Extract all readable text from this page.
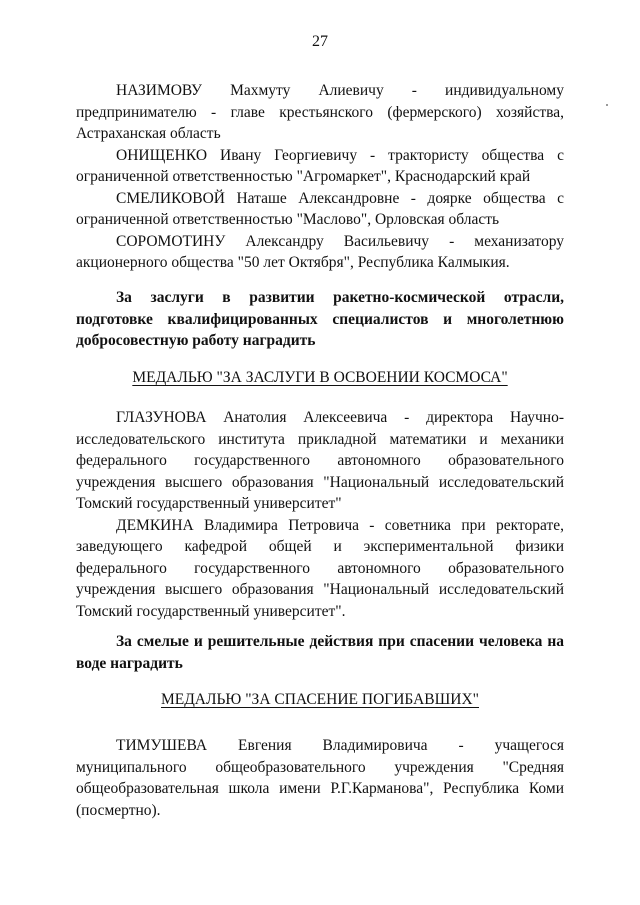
27

НАЗИМОВУ Махмуту Алиевичу - индивидуальному предпринимателю - главе крестьянского (фермерского) хозяйства, Астраханская область

ОНИЩЕНКО Ивану Георгиевичу - трактористу общества с ограниченной ответственностью "Агромаркет", Краснодарский край

СМЕЛИКОВОЙ Наташе Александровне - доярке общества с ограниченной ответственностью "Маслово", Орловская область

СОРОМОТИНУ Александру Васильевичу - механизатору акционерного общества "50 лет Октября", Республика Калмыкия.

За заслуги в развитии ракетно-космической отрасли, подготовке квалифицированных специалистов и многолетнюю добросовестную работу наградить

МЕДАЛЬЮ "ЗА ЗАСЛУГИ В ОСВОЕНИИ КОСМОСА"

ГЛАЗУНОВА Анатолия Алексеевича - директора Научно-исследовательского института прикладной математики и механики федерального государственного автономного образовательного учреждения высшего образования "Национальный исследовательский Томский государственный университет"

ДЕМКИНА Владимира Петровича - советника при ректорате, заведующего кафедрой общей и экспериментальной физики федерального государственного автономного образовательного учреждения высшего образования "Национальный исследовательский Томский государственный университет".

За смелые и решительные действия при спасении человека на воде наградить

МЕДАЛЬЮ "ЗА СПАСЕНИЕ ПОГИБАВШИХ"

ТИМУШЕВА Евгения Владимировича - учащегося муниципального общеобразовательного учреждения "Средняя общеобразовательная школа имени Р.Г.Карманова", Республика Коми (посмертно).
